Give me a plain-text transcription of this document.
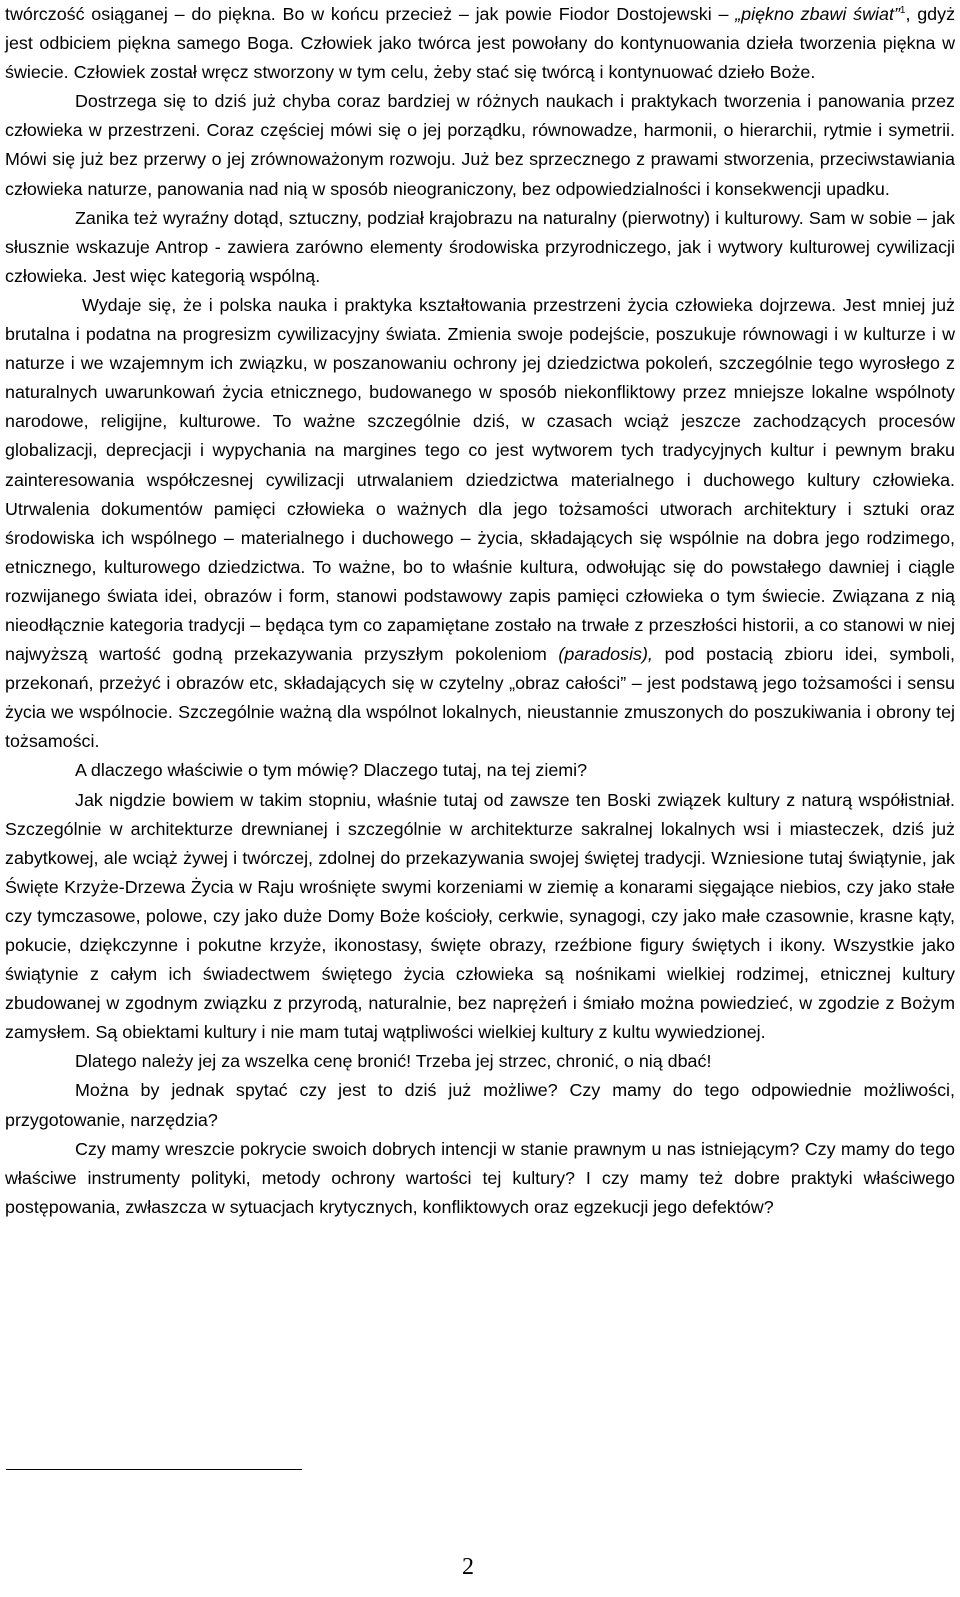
twórczość osiąganej – do piękna. Bo w końcu przecież – jak powie Fiodor Dostojewski – „piękno zbawi świat”$^1$, gdyż jest odbiciem piękna samego Boga. Człowiek jako twórca jest powołany do kontynuowania dzieła tworzenia piękna w świecie. Człowiek został wręcz stworzony w tym celu, żeby stać się twórcą i kontynuować dzieło Boże.

Dostrzega się to dziś już chyba coraz bardziej w różnych naukach i praktykach tworzenia i panowania przez człowieka w przestrzeni. Coraz częściej mówi się o jej porządku, równowadze, harmonii, o hierarchii, rytmie i symetrii. Mówi się już bez przerwy o jej zrównoważonym rozwoju. Już bez sprzecznego z prawami stworzenia, przeciwstawiania człowieka naturze, panowania nad nią w sposób nieograniczony, bez odpowiedzialności i konsekwencji upadku.

Zanika też wyraźny dotąd, sztuczny, podział krajobrazu na naturalny (pierwotny) i kulturowy. Sam w sobie – jak słusznie wskazuje Antrop - zawiera zarówno elementy środowiska przyrodniczego, jak i wytwory kulturowej cywilizacji człowieka. Jest więc kategorią wspólną.

Wydaje się, że i polska nauka i praktyka kształtowania przestrzeni życia człowieka dojrzewa. Jest mniej już brutalna i podatna na progresizm cywilizacyjny świata. Zmienia swoje podejście, poszukuje równowagi i w kulturze i w naturze i we wzajemnym ich związku, w poszanowaniu ochrony jej dziedzictwa pokoleń, szczególnie tego wyrosłego z naturalnych uwarunkowań życia etnicznego, budowanego w sposób niekonfliktowy przez mniejsze lokalne wspólnoty narodowe, religijne, kulturowe. To ważne szczególnie dziś, w czasach wciąż jeszcze zachodzących procesów globalizacji, deprecjacji i wypychania na margines tego co jest wytworem tych tradycyjnych kultur i pewnym braku zainteresowania współczesnej cywilizacji utrwalaniem dziedzictwa materialnego i duchowego kultury człowieka. Utrwalenia dokumentów pamięci człowieka o ważnych dla jego tożsamości utworach architektury i sztuki oraz środowiska ich wspólnego – materialnego i duchowego – życia, składających się wspólnie na dobra jego rodzimego, etnicznego, kulturowego dziedzictwa. To ważne, bo to właśnie kultura, odwołując się do powstałego dawniej i ciągle rozwijanego świata idei, obrazów i form, stanowi podstawowy zapis pamięci człowieka o tym świecie. Związana z nią nieodłącznie kategoria tradycji – będąca tym co zapamiętane zostało na trwałe z przeszłości historii, a co stanowi w niej najwyższą wartość godną przekazywania przyszłym pokoleniom (paradosis), pod postacią zbioru idei, symboli, przekonań, przeżyć i obrazów etc, składających się w czytelny „obraz całości” – jest podstawą jego tożsamości i sensu życia we wspólnocie. Szczególnie ważną dla wspólnot lokalnych, nieustannie zmuszonych do poszukiwania i obrony tej tożsamości.

A dlaczego właściwie o tym mówię? Dlaczego tutaj, na tej ziemi?

Jak nigdzie bowiem w takim stopniu, właśnie tutaj od zawsze ten Boski związek kultury z naturą współistniał. Szczególnie w architekturze drewnianej i szczególnie w architekturze sakralnej lokalnych wsi i miasteczek, dziś już zabytkowej, ale wciąż żywej i twórczej, zdolnej do przekazywania swojej świętej tradycji. Wzniesione tutaj świątynie, jak Święte Krzyże-Drzewa Życia w Raju wrośnięte swymi korzeniami w ziemię a konarami sięgające niebios, czy jako stałe czy tymczasowe, polowe, czy jako duże Domy Boże kościoły, cerkwie, synagogi, czy jako małe czasownie, krasne kąty, pokucie, dziękczynne i pokutne krzyże, ikonostasy, święte obrazy, rzeźbione figury świętych i ikony. Wszystkie jako świątynie z całym ich świadectwem świętego życia człowieka są nośnikami wielkiej rodzimej, etnicznej kultury zbudowanej w zgodnym związku z przyrodą, naturalnie, bez naprężeń i śmiało można powiedzieć, w zgodzie z Bożym zamysłem. Są obiektami kultury i nie mam tutaj wątpliwości wielkiej kultury z kultu wywiedzionej.

Dlatego należy jej za wszelka cenę bronić! Trzeba jej strzec, chronić, o nią dbać!

Można by jednak spytać czy jest to dziś już możliwe? Czy mamy do tego odpowiednie możliwości, przygotowanie, narzędzia?

Czy mamy wreszcie pokrycie swoich dobrych intencji w stanie prawnym u nas istniejącym? Czy mamy do tego właściwe instrumenty polityki, metody ochrony wartości tej kultury? I czy mamy też dobre praktyki właściwego postępowania, zwłaszcza w sytuacjach krytycznych, konfliktowych oraz egzekucji jego defektów?

2
